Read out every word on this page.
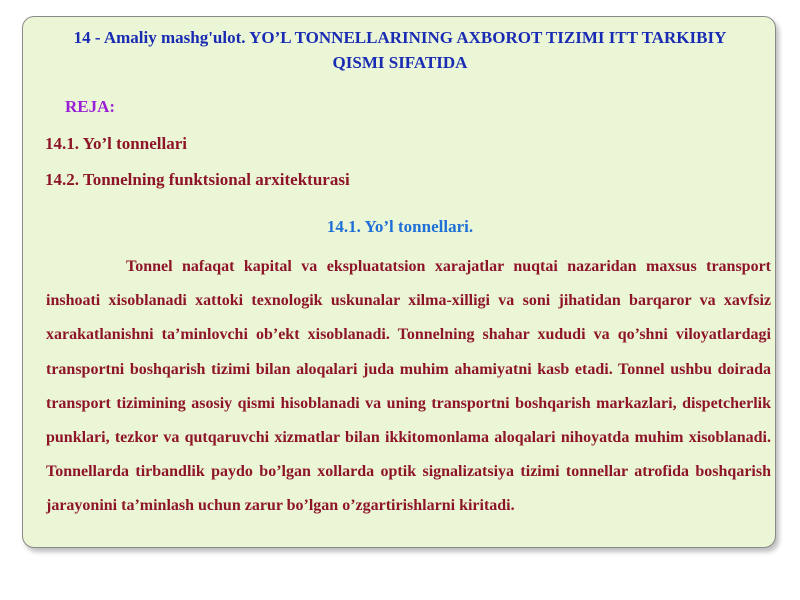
14 - Amaliy mashg'ulot. YO’L TONNELLARINING AXBOROT TIZIMI ITT TARKIBIY QISMI SIFATIDA
REJA:
14.1. Yo’l tonnellari
14.2. Tonnelning funktsional arxitekturasi
14.1. Yo’l tonnellari.
Tonnel nafaqat kapital va ekspluatatsion xarajatlar nuqtai nazaridan maxsus transport inshoati xisoblanadi xattoki texnologik uskunalar xilma-xilligi va soni jihatidan barqaror va xavfsiz xarakatlanishni ta’minlovchi ob’ekt xisoblanadi. Tonnelning shahar xududi va qo’shni viloyatlardagi transportni boshqarish tizimi bilan aloqalari juda muhim ahamiyatni kasb etadi. Tonnel ushbu doirada transport tizimining asosiy qismi hisoblanadi va uning transportni boshqarish markazlari, dispetcherlik punklari, tezkor va qutqaruvchi xizmatlar bilan ikkitomonlama aloqalari nihoyatda muhim xisoblanadi. Tonnellarda tirbandlik paydo bo’lgan xollarda optik signalizatsiya tizimi tonnellar atrofida boshqarish jarayonini ta’minlash uchun zarur bo’lgan o’zgartirishlarni kiritadi.
